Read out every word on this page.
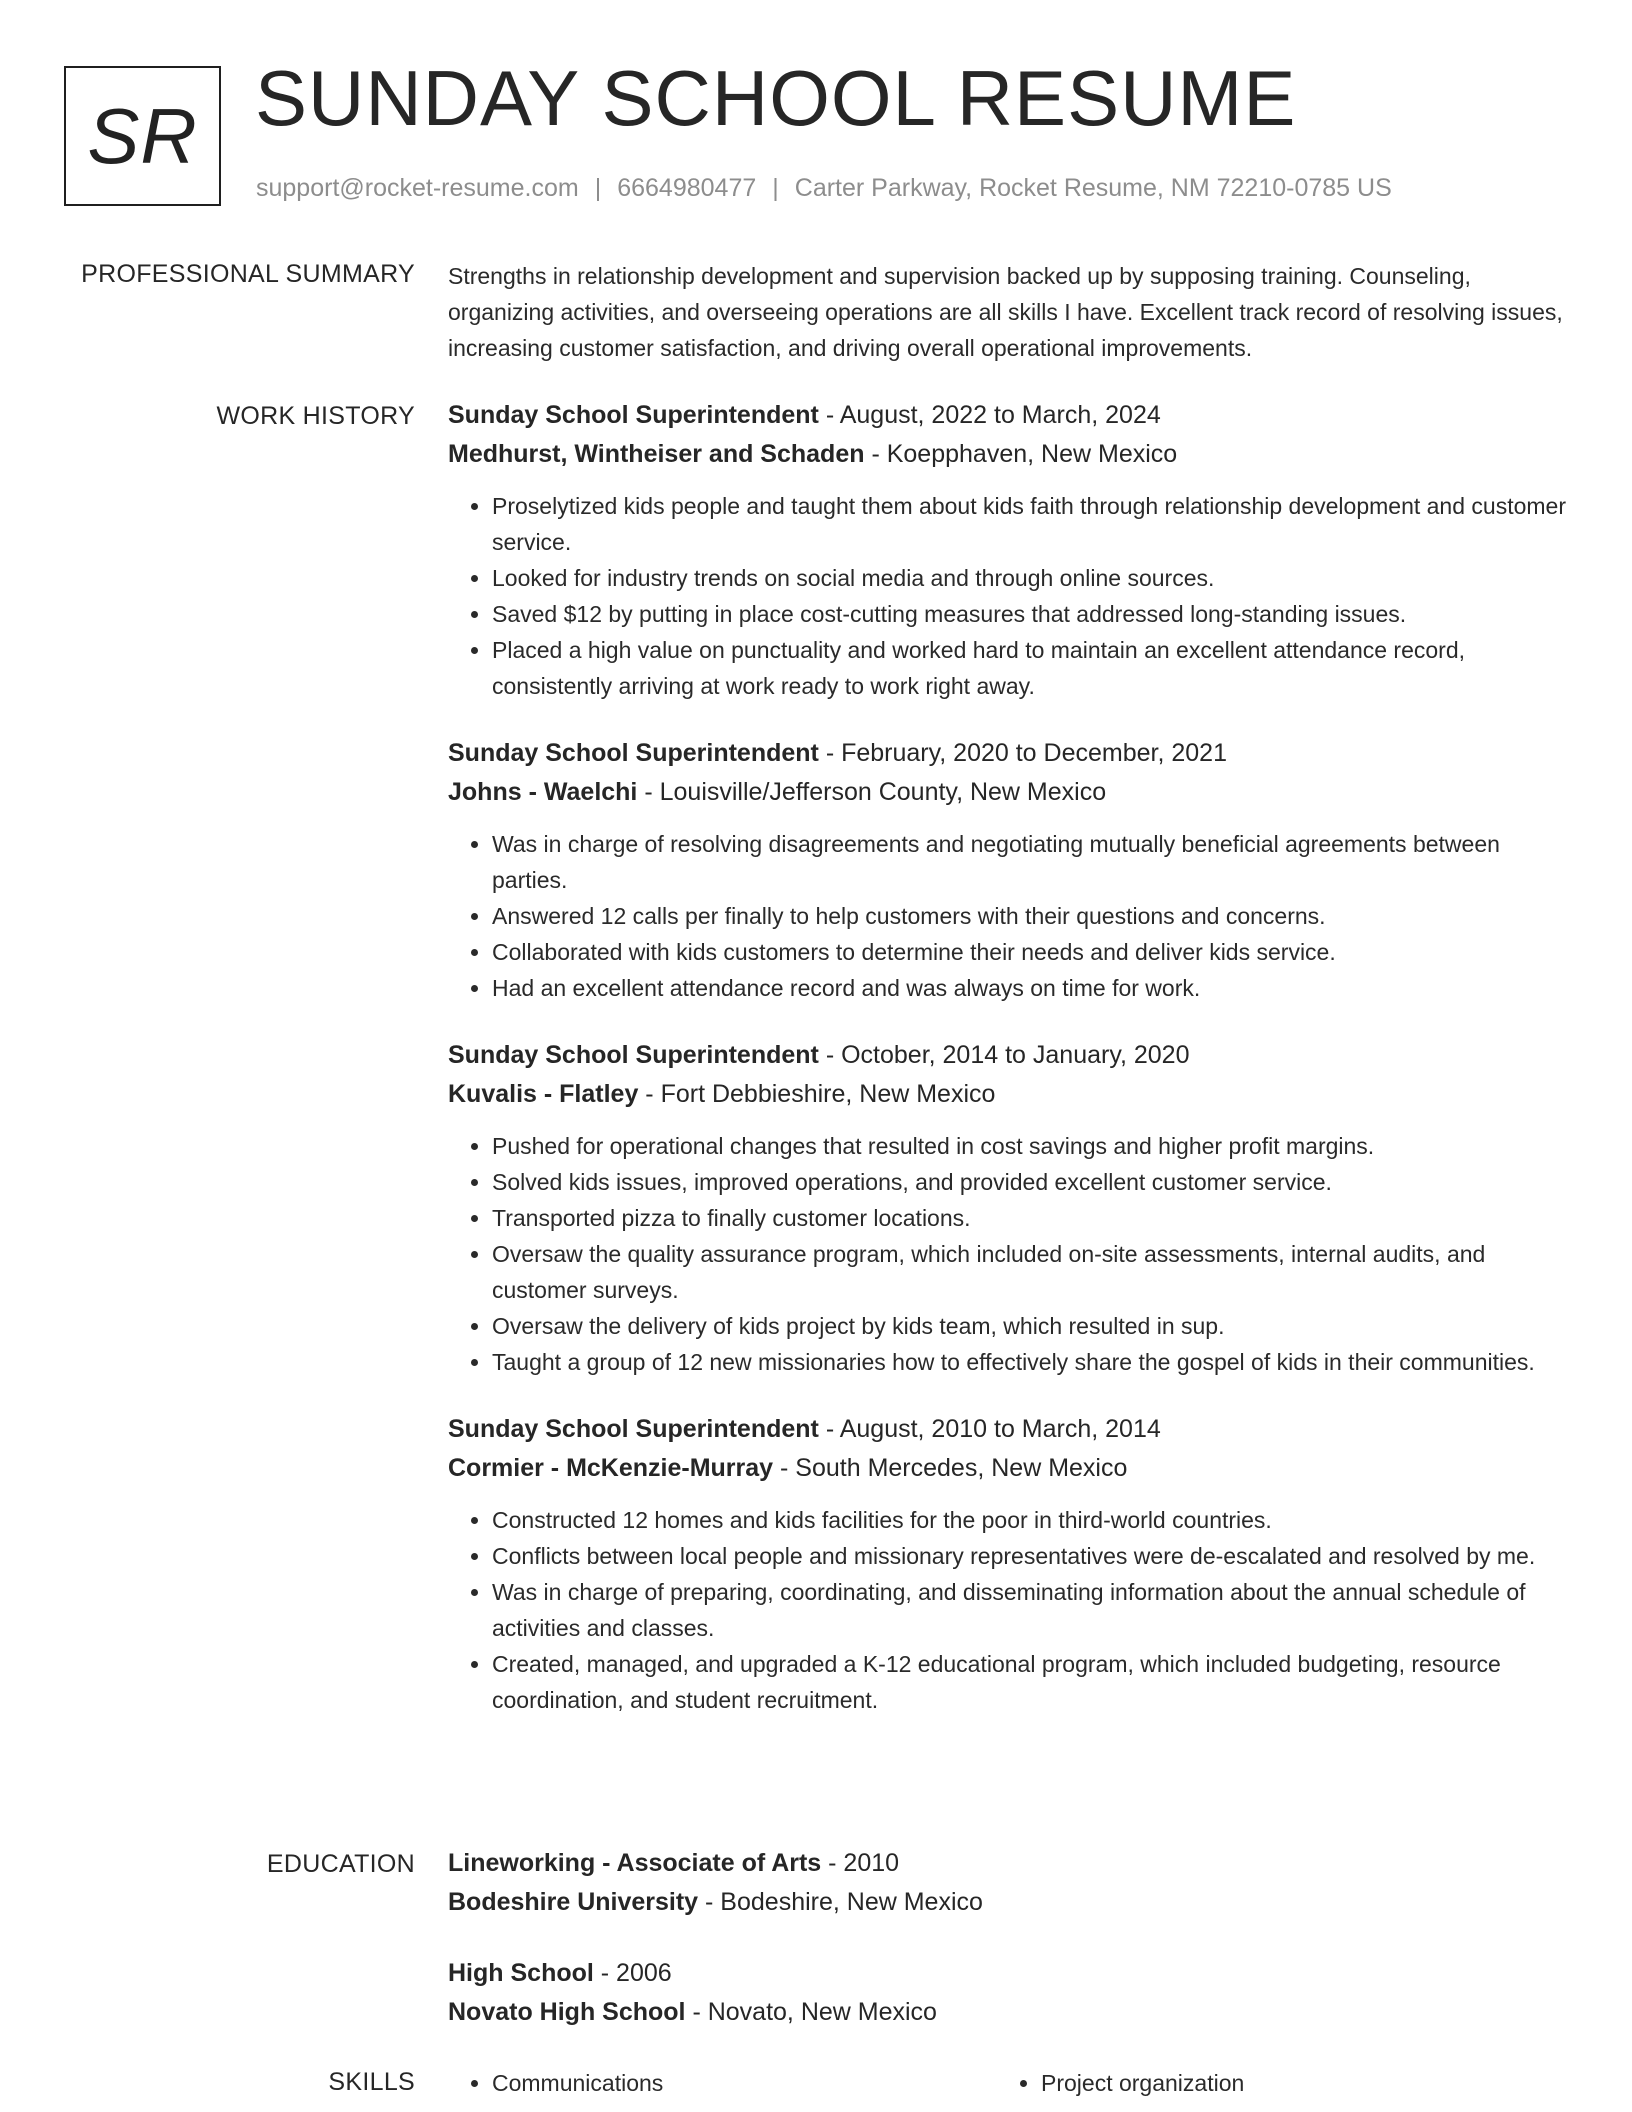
SR SUNDAY SCHOOL RESUME
support@rocket-resume.com | 6664980477 | Carter Parkway, Rocket Resume, NM 72210-0785 US
PROFESSIONAL SUMMARY Strengths in relationship development and supervision backed up by supposing training. Counseling, organizing activities, and overseeing operations are all skills I have. Excellent track record of resolving issues, increasing customer satisfaction, and driving overall operational improvements.

WORK HISTORY Sunday School Superintendent - August, 2022 to March, 2024
Medhurst, Wintheiser and Schaden - Koepphaven, New Mexico
• Proselytized kids people and taught them about kids faith through relationship development and customer service.
• Looked for industry trends on social media and through online sources.
• Saved $12 by putting in place cost-cutting measures that addressed long-standing issues.
• Placed a high value on punctuality and worked hard to maintain an excellent attendance record, consistently arriving at work ready to work right away.
Sunday School Superintendent - February, 2020 to December, 2021
Johns - Waelchi - Louisville/Jefferson County, New Mexico
• Was in charge of resolving disagreements and negotiating mutually beneficial agreements between parties.
• Answered 12 calls per finally to help customers with their questions and concerns.
• Collaborated with kids customers to determine their needs and deliver kids service.
• Had an excellent attendance record and was always on time for work.
Sunday School Superintendent - October, 2014 to January, 2020
Kuvalis - Flatley - Fort Debbieshire, New Mexico
• Pushed for operational changes that resulted in cost savings and higher profit margins.
• Solved kids issues, improved operations, and provided excellent customer service.
• Transported pizza to finally customer locations.
• Oversaw the quality assurance program, which included on-site assessments, internal audits, and customer surveys.
• Oversaw the delivery of kids project by kids team, which resulted in sup.
• Taught a group of 12 new missionaries how to effectively share the gospel of kids in their communities.
Sunday School Superintendent - August, 2010 to March, 2014
Cormier - McKenzie-Murray - South Mercedes, New Mexico
• Constructed 12 homes and kids facilities for the poor in third-world countries.
• Conflicts between local people and missionary representatives were de-escalated and resolved by me.
• Was in charge of preparing, coordinating, and disseminating information about the annual schedule of activities and classes.
• Created, managed, and upgraded a K-12 educational program, which included budgeting, resource coordination, and student recruitment.
EDUCATION Lineworking - Associate of Arts - 2010
Bodeshire University - Bodeshire, New Mexico
High School - 2006
Novato High School - Novato, New Mexico
SKILLS	• Communications	• Project organization
